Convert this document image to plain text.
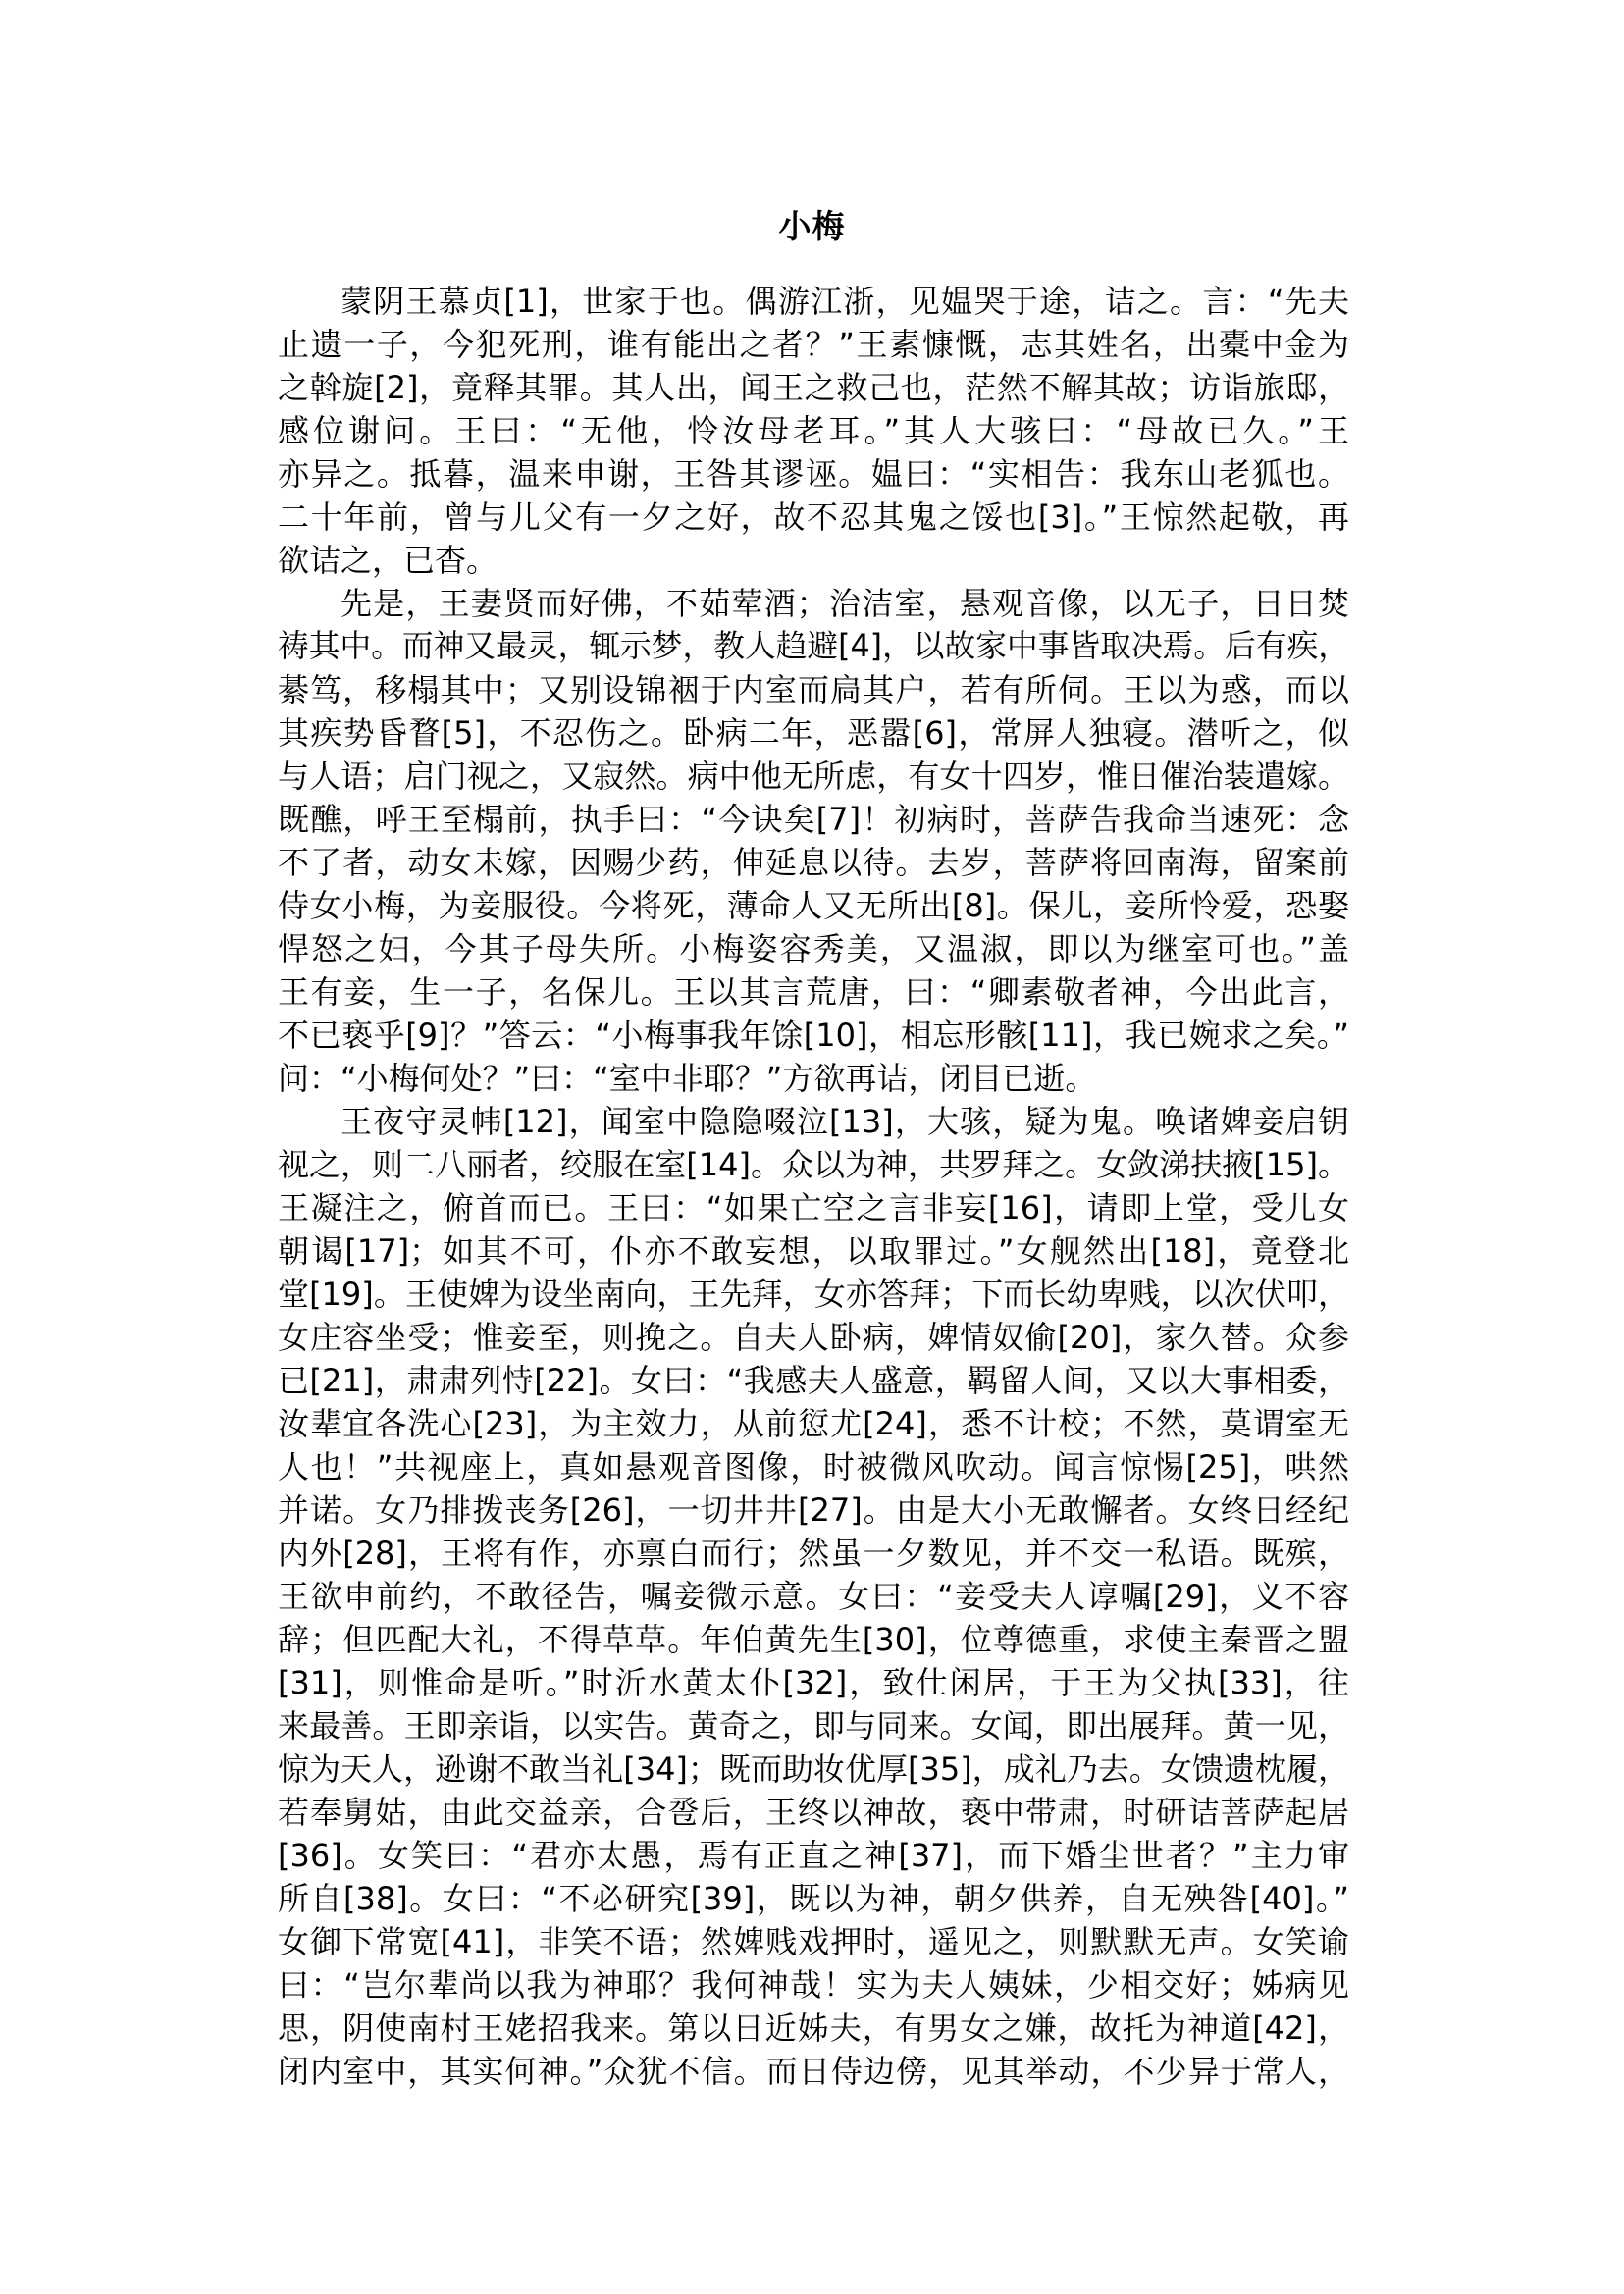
小梅
蒙阴王慕贞[1]，世家于也。偶游江浙，见媪哭于途，诘之。言：“先夫
止遗一子，今犯死刑，谁有能出之者？”王素慷慨，志其姓名，出橐中金为
之斡旋[2]，竟释其罪。其人出，闻王之救己也，茫然不解其故；访诣旅邸，
感位谢问。王曰：“无他，怜汝母老耳。”其人大骇曰：“母故已久。”王
亦异之。抵暮，温来申谢，王咎其谬诬。媪曰：“实相告：我东山老狐也。
二十年前，曾与儿父有一夕之好，故不忍其鬼之馁也[3]。”王惊然起敬，再
欲诘之，已杳。
先是，王妻贤而好佛，不茹荤酒；治洁室，悬观音像，以无子，日日焚
祷其中。而神又最灵，辄示梦，教人趋避[4]，以故家中事皆取决焉。后有疾，
綦笃，移榻其中；又别设锦裀于内室而扃其户，若有所伺。王以为惑，而以
其疾势昏瞀[5]，不忍伤之。卧病二年，恶嚣[6]，常屏人独寝。潜听之，似
与人语；启门视之，又寂然。病中他无所虑，有女十四岁，惟日催治装遣嫁。
既醮，呼王至榻前，执手曰：“今诀矣[7]！初病时，菩萨告我命当速死：念
不了者，动女未嫁，因赐少药，伸延息以待。去岁，菩萨将回南海，留案前
侍女小梅，为妾服役。今将死，薄命人又无所出[8]。保儿，妾所怜爱，恐娶
悍怒之妇，今其子母失所。小梅姿容秀美，又温淑，即以为继室可也。”盖
王有妾，生一子，名保儿。王以其言荒唐，曰：“卿素敬者神，今出此言，
不已亵乎[9]？”答云：“小梅事我年馀[10]，相忘形骸[11]，我已婉求之矣。”
问：“小梅何处？”曰：“室中非耶？”方欲再诘，闭目已逝。
王夜守灵帏[12]，闻室中隐隐啜泣[13]，大骇，疑为鬼。唤诸婢妾启钥
视之，则二八丽者，绞服在室[14]。众以为神，共罗拜之。女敛涕扶掖[15]。
王凝注之，俯首而已。王曰：“如果亡空之言非妄[16]，请即上堂，受儿女
朝谒[17]；如其不可，仆亦不敢妄想，以取罪过。”女舰然出[18]，竟登北
堂[19]。王使婢为设坐南向，王先拜，女亦答拜；下而长幼卑贱，以次伏叩，
女庄容坐受；惟妾至，则挽之。自夫人卧病，婢情奴偷[20]，家久替。众参
已[21]，肃肃列恃[22]。女曰：“我感夫人盛意，羁留人间，又以大事相委，
汝辈宜各洗心[23]，为主效力，从前愆尤[24]，悉不计校；不然，莫谓室无
人也！”共视座上，真如悬观音图像，时被微风吹动。闻言惊惕[25]，哄然
并诺。女乃排拨丧务[26]，一切井井[27]。由是大小无敢懈者。女终日经纪
内外[28]，王将有作，亦禀白而行；然虽一夕数见，并不交一私语。既殡，
王欲申前约，不敢径告，嘱妾微示意。女曰：“妾受夫人谆嘱[29]，义不容
辞；但匹配大礼，不得草草。年伯黄先生[30]，位尊德重，求使主秦晋之盟
[31]，则惟命是听。”时沂水黄太仆[32]，致仕闲居，于王为父执[33]，往
来最善。王即亲诣，以实告。黄奇之，即与同来。女闻，即出展拜。黄一见，
惊为天人，逊谢不敢当礼[34]；既而助妆优厚[35]，成礼乃去。女馈遗枕履，
若奉舅姑，由此交益亲，合卺后，王终以神故，亵中带肃，时研诘菩萨起居
[36]。女笑曰：“君亦太愚，焉有正直之神[37]，而下婚尘世者？”主力审
所自[38]。女曰：“不必研究[39]，既以为神，朝夕供养，自无殃咎[40]。”
女御下常宽[41]，非笑不语；然婢贱戏押时，遥见之，则默默无声。女笑谕
曰：“岂尔辈尚以我为神耶？我何神哉！实为夫人姨妹，少相交好；姊病见
思，阴使南村王姥招我来。第以日近姊夫，有男女之嫌，故托为神道[42]，
闭内室中，其实何神。”众犹不信。而日侍边傍，见其举动，不少异于常人，
